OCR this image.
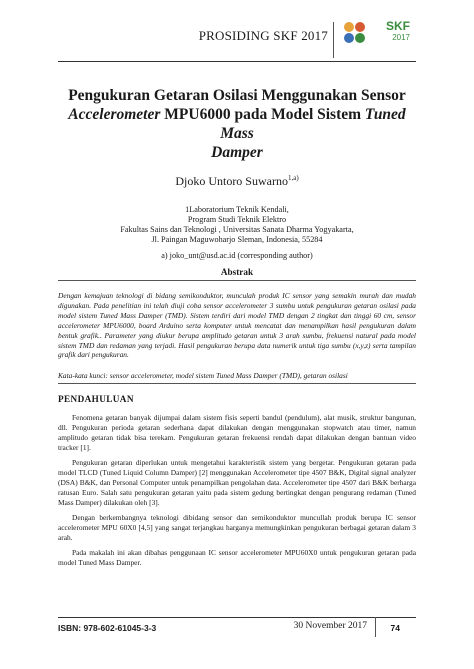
PROSIDING SKF 2017
SKF
2017
Pengukuran Getaran Osilasi Menggunakan Sensor
Accelerometer MPU6000 pada Model Sistem Tuned Mass
Damper
Djoko Untoro Suwarno$^{1,a)}$
1Laboratorium Teknik Kendali,
Program Studi Teknik Elektro
Fakultas Sains dan Teknologi , Universitas Sanata Dharma Yogyakarta,
Jl. Paingan Maguwoharjo Sleman, Indonesia, 55284
a) joko_unt@usd.ac.id (corresponding author)
Abstrak
Dengan kemajuan teknologi di bidang semikonduktor, munculah produk IC sensor yang semakin murah dan mudah digunakan. Pada penelitian ini telah diuji coba sensor accelerometer 3 sumbu untuk pengukuran getaran osilasi pada model sistem Tuned Mass Damper (TMD). Sistem terdiri dari model TMD dengan 2 tingkat dan tinggi 60 cm, sensor accelerometer MPU6000, board Arduino serta komputer untuk mencatat dan menampilkan hasil pengukuran dalam bentuk grafik.. Parameter yang diukur berupa amplitudo getaran untuk 3 arah sumbu, frekuensi natural pada model sistem TMD dan redaman yang terjadi. Hasil pengukuran berupa data numerik untuk tiga sumbu (x,y,z) serta tampilan grafik dari pengukuran.
Kata-kata kunci: sensor accelerometer, model sistem Tuned Mass Damper (TMD), getaran osilasi
PENDAHULUAN

Fenomena getaran banyak dijumpai dalam sistem fisis seperti bandul (pendulum), alat musik, struktur bangunan, dll. Pengukuran perioda getaran sederhana dapat dilakukan dengan menggunakan stopwatch atau timer, namun amplitudo getaran tidak bisa terekam. Pengukuran getaran frekuensi rendah dapat dilakukan dengan bantuan video tracker [1].

Pengukuran getaran diperlukan untuk mengetahui karakteristik sistem yang bergetar. Pengukuran getaran pada model TLCD (Tuned Liquid Column Damper) [2] menggunakan Accelerometer tipe 4507 B&K, Digital signal analyzer (DSA) B&K, dan Personal Computer untuk penampilkan pengolahan data. Accelerometer tipe 4507 dari B&K berharga ratusan Euro. Salah satu pengukuran getaran yaitu pada sistem gedung bertingkat dengan pengurang redaman (Tuned Mass Damper) dilakukan oleh [3].

Dengan berkembangnya teknologi dibidang sensor dan semikonduktor muncullah produk berupa IC sensor accelerometer MPU 60X0 [4,5] yang sangat terjangkau harganya memungkinkan pengukuran berbagai getaran dalam 3 arah.

Pada makalah ini akan dibahas penggunaan IC sensor accelerometer MPU60X0 untuk pengukuran getaran pada model Tuned Mass Damper.

ISBN: 978-602-61045-3-3	30 November 2017	74
